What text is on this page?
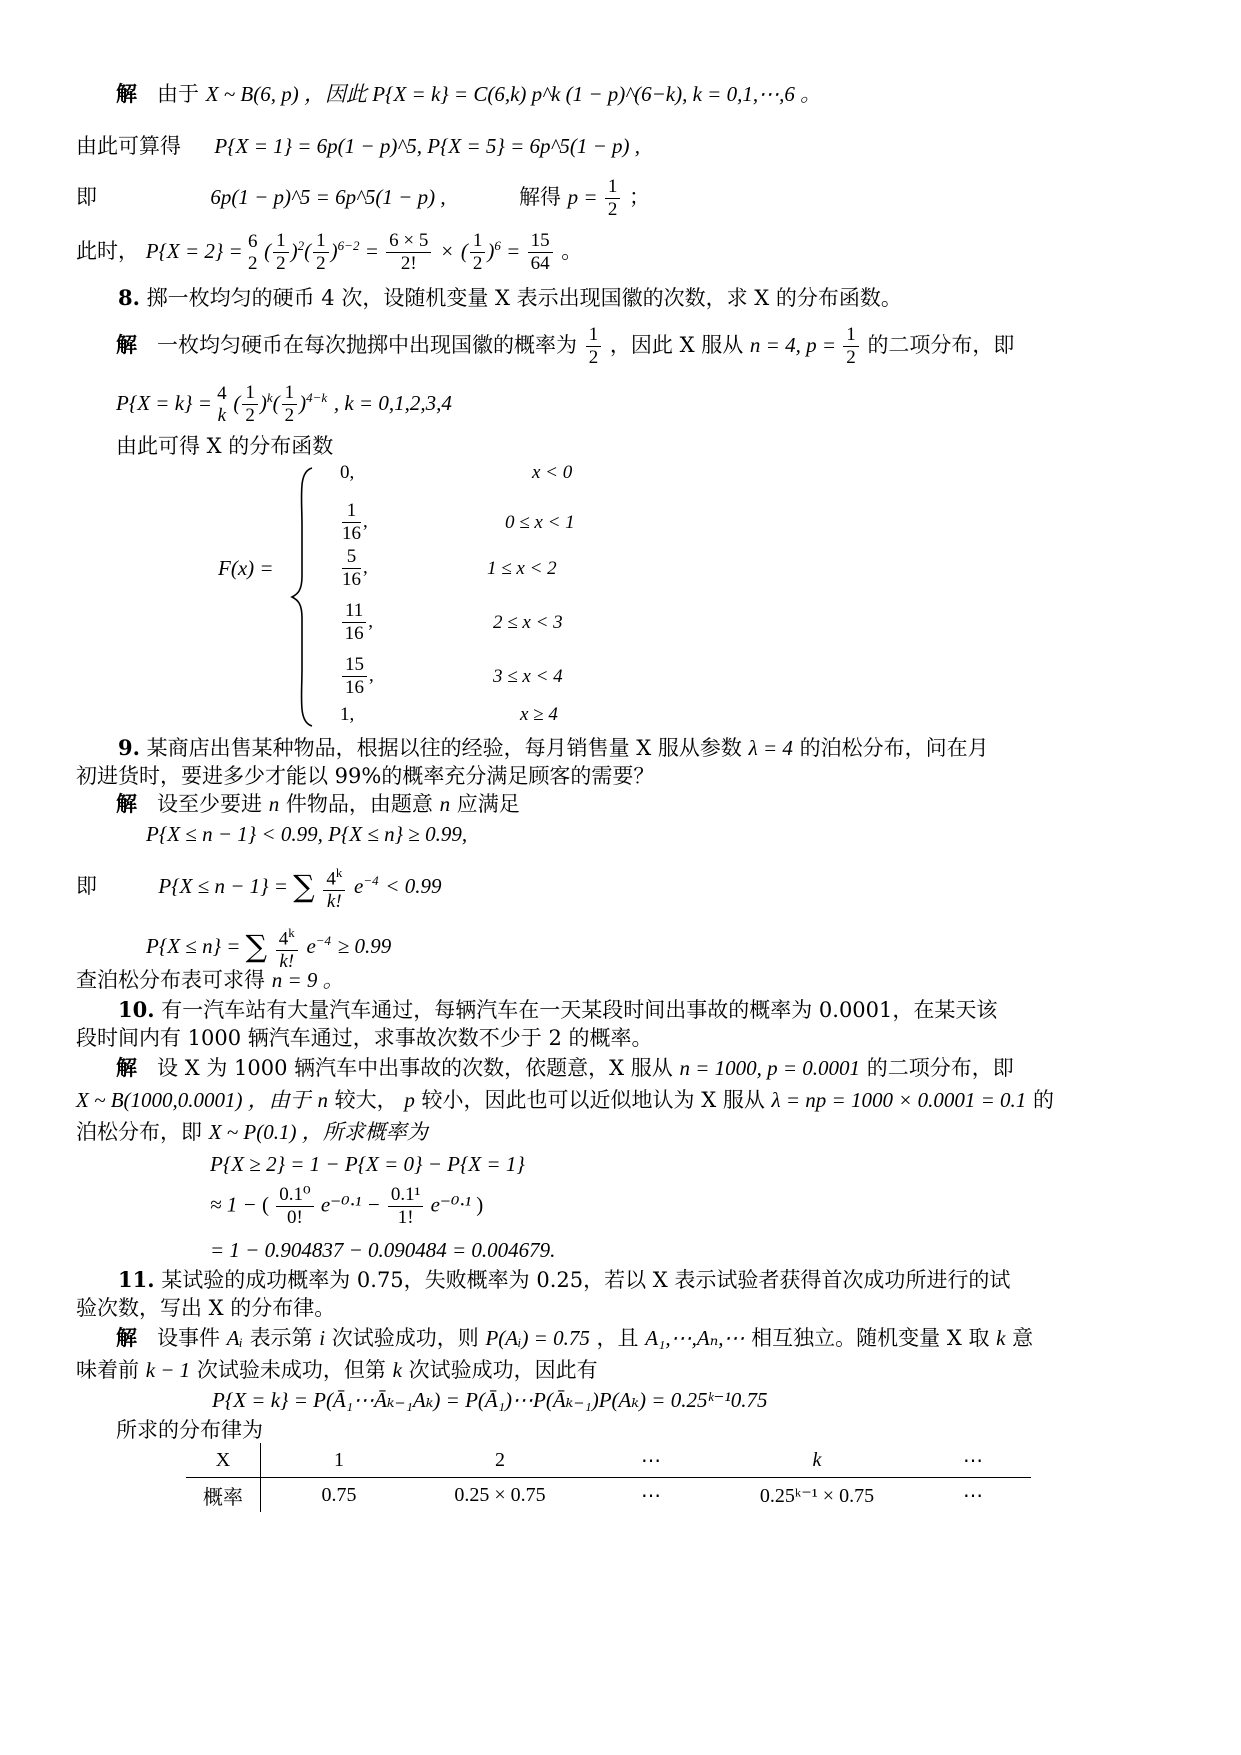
解 由于 X ~ B(6, p) ，因此 P{X = k} = C(6,k) p^k (1 − p)^(6−k), k = 0,1,⋯,6 。
由此可算得 P{X = 1} = 6p(1 − p)^5, P{X = 5} = 6p^5(1 − p) ,
即	6p(1 − p)^5 = 6p^5(1 − p) ,	解得 $p = \frac{1}{2}$ ；
此时， P{X = 2} = 6
2 ( $\frac{1}{2} )^2( \frac{1}{2} )^{6-2} = \frac{6 \times 5}{2!}$ × ( $\frac{1}{2} )^6 = \frac{15}{64}$ 。
8. 掷一枚均匀的硬币 4 次，设随机变量 X 表示出现国徽的次数，求 X 的分布函数。
解 一枚均匀硬币在每次抛掷中出现国徽的概率为 $\frac{1}{2}$ ，因此 X 服从 n = 4, $p = \frac{1}{2}$ 的二项分布，即
P{X = k} = 4
k ( $\frac{1}{2} )^k( \frac{1}{2} )^{4-k}$ , k = 0,1,2,3,4
由此可得 X 的分布函数
F(x) =
0,	x < 0
$\frac{1}{16}$ ,	0 ≤ x < 1
$\frac{5}{16}$ ,	1 ≤ x < 2
$\frac{11}{16}$ ,	2 ≤ x < 3
$\frac{15}{16}$ ,	3 ≤ x < 4
1,	x ≥ 4
9. 某商店出售某种物品，根据以往的经验，每月销售量 X 服从参数 λ = 4 的泊松分布，问在月
初进货时，要进多少才能以 99%的概率充分满足顾客的需要？
解 设至少要进 n 件物品，由题意 n 应满足
P{X ≤ n − 1} < 0.99, P{X ≤ n} ≥ 0.99,
即	P{X ≤ n − 1} = ∑ $\frac{4^k}{k!} e^{-4} < 0.99$
P{X ≤ n} = ∑ $\frac{4^k}{k!} e^{-4} \ge 0.99$
查泊松分布表可求得 n = 9 。
10. 有一汽车站有大量汽车通过，每辆汽车在一天某段时间出事故的概率为 0.0001，在某天该
段时间内有 1000 辆汽车通过，求事故次数不少于 2 的概率。
解 设 X 为 1000 辆汽车中出事故的次数，依题意，X 服从 n = 1000, p = 0.0001 的二项分布，即
X ~ B(1000,0.0001) ，由于 n 较大， p 较小，因此也可以近似地认为 X 服从 λ = np = 1000 × 0.0001 = 0.1 的
泊松分布，即 X ~ P(0.1) ，所求概率为
P{X ≥ 2} = 1 − P{X = 0} − P{X = 1}
≈ 1 − ( $\frac{\text{0.1⁰}}{0!} e^{-0}\cdot^1 - \frac{\text{0.1¹}}{1!} e^{-0}\cdot^1$ )
= 1 − 0.904837 − 0.090484 = 0.004679.
11. 某试验的成功概率为 0.75，失败概率为 0.25，若以 X 表示试验者获得首次成功所进行的试
验次数，写出 X 的分布律。
解 设事件 Aᵢ 表示第 i 次试验成功，则 P(Aᵢ) = 0.75 ，且 A₁,⋯,Aₙ,⋯ 相互独立。随机变量 X 取 k 意
味着前 k − 1 次试验未成功，但第 k 次试验成功，因此有
P{X = k} = P(Ā₁⋯Āₖ₋₁Aₖ) = P(Ā₁)⋯P(Āₖ₋₁)P(Aₖ) = 0.25ᵏ⁻¹0.75
所求的分布律为
X	1	2	⋯	k	⋯
概率	0.75	0.25 × 0.75	⋯	0.25ᵏ⁻¹ × 0.75	⋯
